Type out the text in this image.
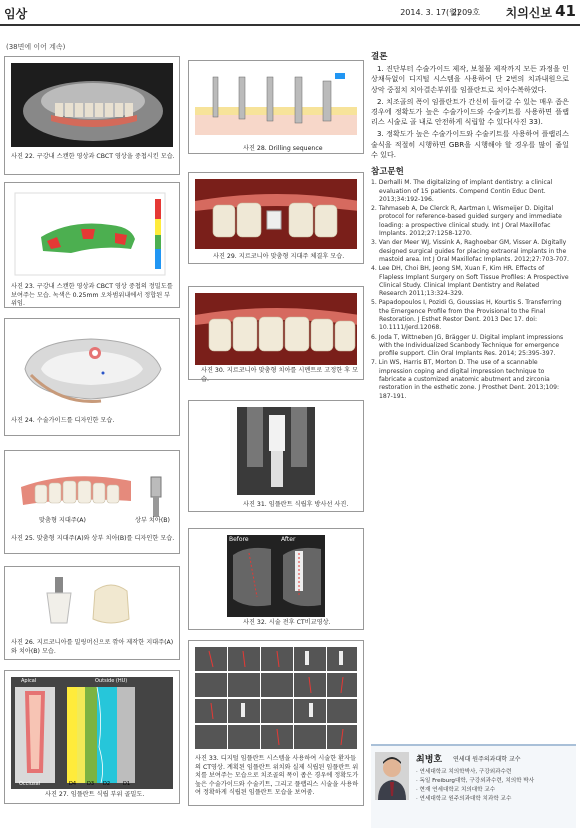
임상	2014. 3. 17(월)
2209호 치의신보 41
(38면에 이어 계속)
사진 22. 구강내 스캔한 영상과 CBCT 영상을 중첩시킨 모습.
사진 23. 구강내 스캔한 영상과 CBCT 영상 중첩의 정밀도를 보여주는 모습. 녹색은 0.25mm 오차범위내에서 정합된 부위임.
사진 24. 수술가이드를 디자인한 모습.
맞춤형 지대주(A)	상부 치아(B)
사진 25. 맞춤형 지대주(A)와 상부 치아(B)를 디자인한 모습.
사진 26. 지르코니아를 밀링머신으로 깎아 제작한 지대주(A)와 치아(B) 모습.
Apical	Outside (HU)
Occlusal	D4 D3 D2	D1
사진 27. 임플란트 식립 부위 골밀도.
사진 28. Drilling sequence
사진 29. 지르코니아 맞춤형 지대주 체결후 모습.
사진 30. 지르코니아 맞춤형 치아를 시멘트로 고정한 후 모습.
사진 31. 임플란트 식립후 방사선 사진.
Before	After
사진 32. 시술 전후 CT비교영상.
사진 33. 디지털 임플란트 시스템을 사용하여 시술한 환자들의 CT영상. 계획된 임플란트 위치와 실제 식립된 임플란트 위치를 보여주는 모습으로 치조골의 폭이 좁은 경우에 정확도가 높은 수술가이드와 수술키트, 그리고 플랩리스 시술을 사용하여 정확하게 식립된 임플란트 모습을 보여줌.
결론

1. 진단부터 수술가이드 제작, 보철물 제작까지 모든 과정을 인상채득없이 디지털 시스템을 사용하여 단 2번의 치과내원으로 상악 중절치 치아결손부위를 임플란트로 치아수복하였다.

2. 치조골의 폭이 임플란트가 간신히 들어갈 수 있는 매우 좁은 경우에 정확도가 높은 수술가이드와 수술키트를 사용하면 플랩리스 시술로 골 내로 안전하게 식립할 수 있다(사진 33).

3. 정확도가 높은 수술가이드와 수술키트를 사용하여 플랩리스 술식을 적절히 시행하면 GBR을 시행해야 할 경우를 많이 줄일 수 있다.

참고문헌
1. Derhalli M. The digitalizing of implant dentistry: a clinical evaluation of 15 patients. Compend Contin Educ Dent. 2013;34:192-196.
2. Tahmaseb A, De Clerck R, Aartman I, Wismeijer D. Digital protocol for reference-based guided surgery and immediate loading: a prospective clinical study. Int J Oral Maxillofac Implants. 2012;27:1258-1270.
3. Van der Meer WJ, Vissink A, Raghoebar GM, Visser A. Digitally designed surgical guides for placing extraoral implants in the mastoid area. Int J Oral Maxillofac Implants. 2012;27:703-707.
4. Lee DH, Choi BH, Jeong SM, Xuan F, Kim HR. Effects of Flapless Implant Surgery on Soft Tissue Profiles: A Prospective Clinical Study. Clinical Implant Dentistry and Related Research 2011;13:324-329.
5. Papadopoulos I, Pozidi G, Goussias H, Kourtis S. Transferring the Emergence Profile from the Provisional to the Final Restoration. J Esthet Restor Dent. 2013 Dec 17. doi: 10.1111/jerd.12068.
6. Joda T, Wittneben JG, Brägger U. Digital implant impressions with the Individualized Scanbody Technique for emergence profile support. Clin Oral Implants Res. 2014; 25:395-397.
7. Lin WS, Harris BT, Morton D. The use of a scannable impression coping and digital impression technique to fabricate a customized anatomic abutment and zirconia restoration in the esthetic zone. J Prosthet Dent. 2013;109: 187-191.
최병호 연세대 원주의과대학 교수
· 연세대학교 치의학박사, 구강외과수련
· 독일 Freiburg대학, 구강외과수련, 치의학 박사
· 현재 연세대학교 치의대학 교수
· 연세대학교 원주의과대학 치과학 교수
